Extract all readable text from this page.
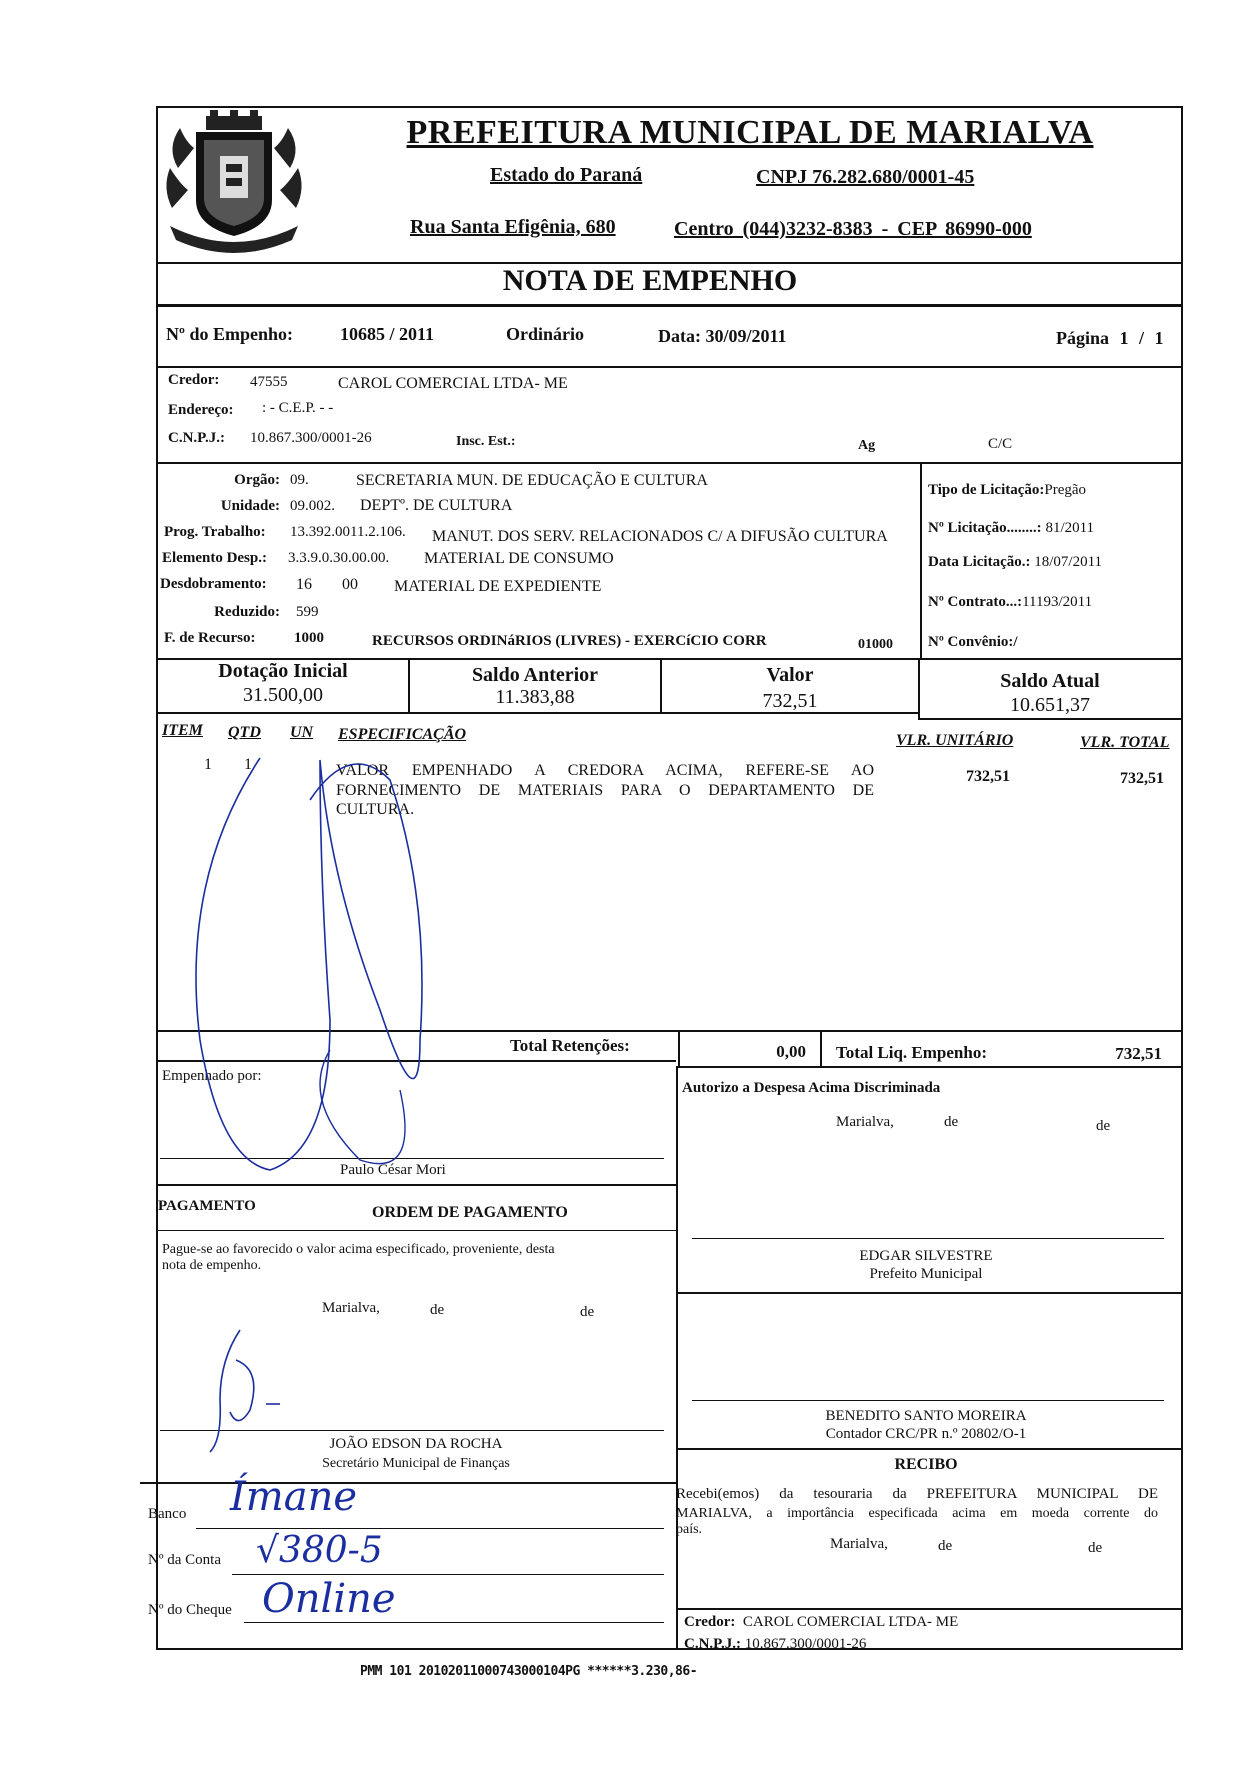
PREFEITURA MUNICIPAL DE MARIALVA
Estado do Paraná	CNPJ 76.282.680/0001-45
Rua Santa Efigênia, 680	Centro (044)3232-8383 - CEP 86990-000
NOTA DE EMPENHO
Nº do Empenho:	10685 / 2011	Ordinário	Data: 30/09/2011	Página 1 / 1
Credor: 47555	CAROL COMERCIAL LTDA- ME
Endereço: : - C.E.P. - -
C.N.P.J.: 10.867.300/0001-26	Insc. Est.:	Ag	C/C
Orgão: 09.	SECRETARIA MUN. DE EDUCAÇÃO E CULTURA
Unidade: 09.002. DEPTº. DE CULTURA
Prog. Trabalho: 13.392.0011.2.106. MANUT. DOS SERV. RELACIONADOS C/ A DIFUSÃO CULTURA
Elemento Desp.: 3.3.9.0.30.00.00. MATERIAL DE CONSUMO
Desdobramento: 16 00 MATERIAL DE EXPEDIENTE
Reduzido: 599
F. de Recurso:	1000	RECURSOS ORDINáRIOS (LIVRES) - EXERCíCIO CORR	01000
Tipo de Licitação:Pregão
Nº Licitação........: 81/2011
Data Licitação.: 18/07/2011
Nº Contrato...:11193/2011
Nº Convênio:/
Dotação Inicial
31.500,00
Saldo Anterior
11.383,88
Valor
732,51
Saldo Atual
10.651,37
ITEM QTD UN ESPECIFICAÇÃO	VLR. UNITÁRIO	VLR. TOTAL
1 1	VALOR EMPENHADO A CREDORA ACIMA, REFERE-SE AO
FORNECIMENTO DE MATERIAIS PARA O DEPARTAMENTO DE
CULTURA.
732,51	732,51
Total Retenções:	0,00 Total Liq. Empenho:	732,51
Empenhado por:
Paulo César Mori
Autorizo a Despesa Acima Discriminada
Marialva,	de	de
EDGAR SILVESTRE
Prefeito Municipal
PAGAMENTO	ORDEM DE PAGAMENTO
Pague-se ao favorecido o valor acima especificado, proveniente, desta
nota de empenho.
Marialva,	de	de
JOÃO EDSON DA ROCHA
Secretário Municipal de Finanças
BENEDITO SANTO MOREIRA
Contador CRC/PR n.º 20802/O-1
RECIBO
Recebi(emos) da tesouraria da PREFEITURA MUNICIPAL DE
MARIALVA, a importância especificada acima em moeda corrente do
país.
Marialva,	de	de
Credor: CAROL COMERCIAL LTDA- ME
C.N.P.J.: 10.867.300/0001-26
Banco Ímane
Nº da Conta √380-5
Nº do Cheque Online
PMM 101 20102011000743000104PG ******3.230,86-
